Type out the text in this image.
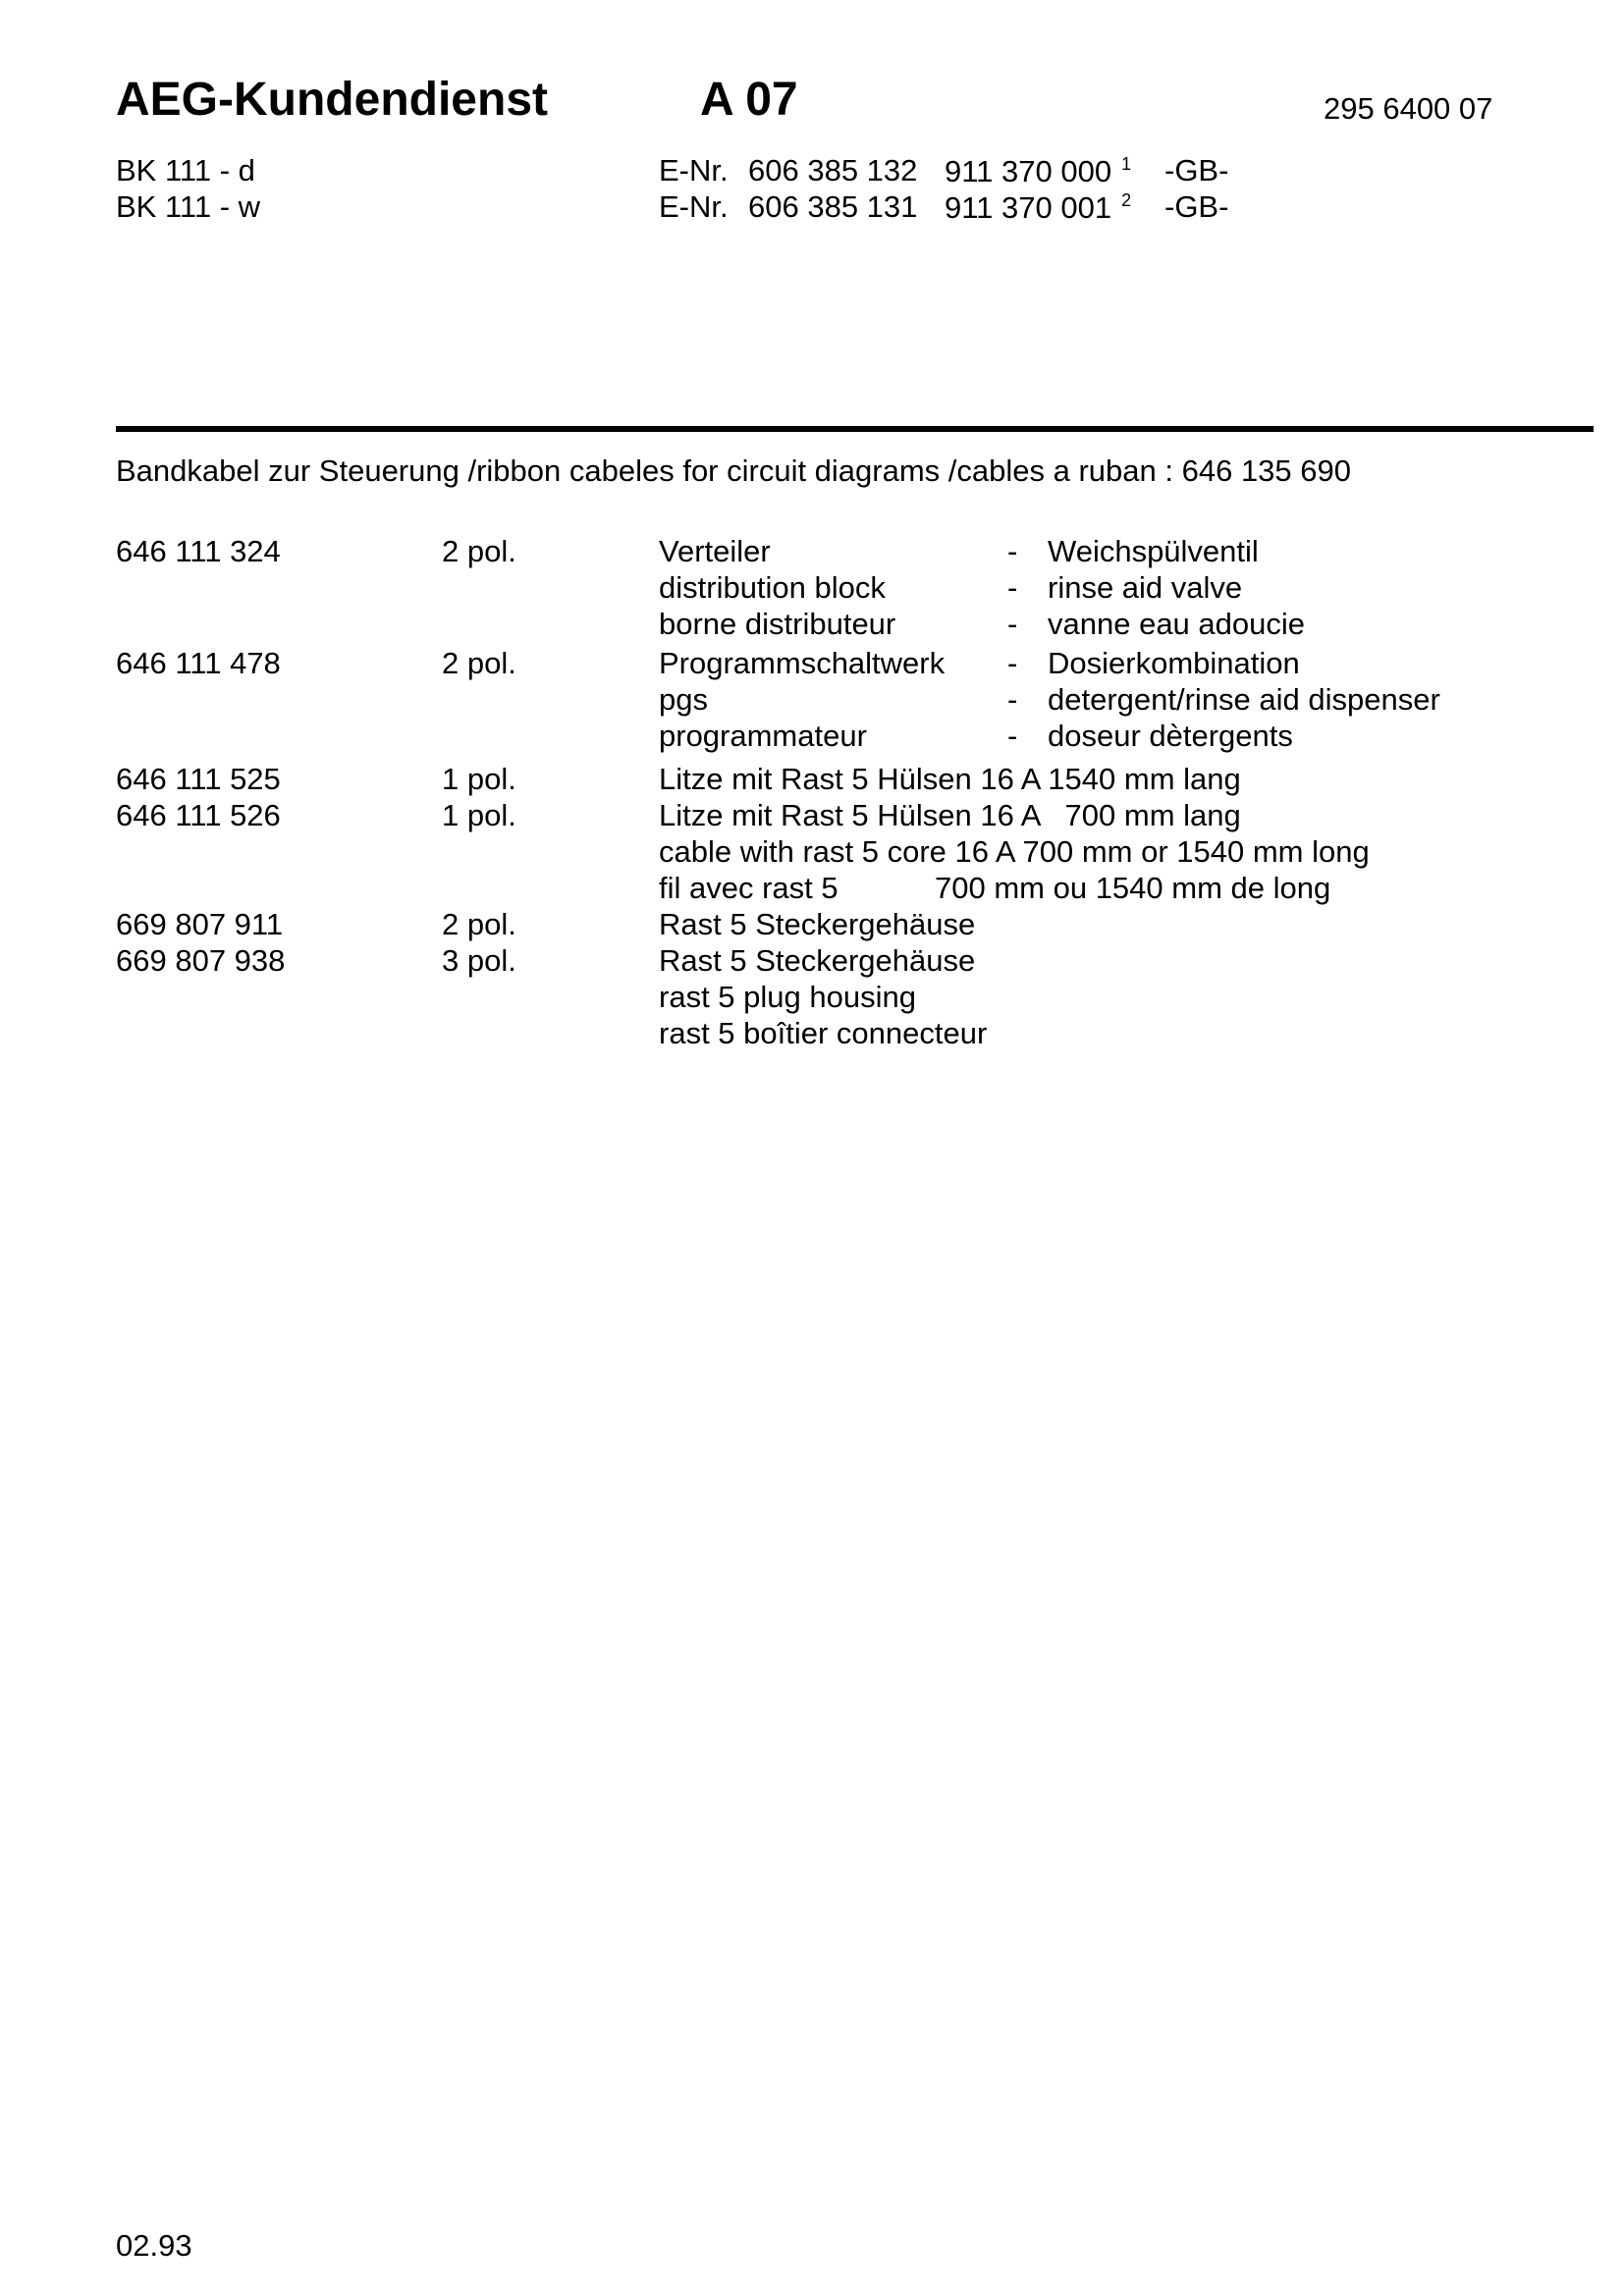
AEG-Kundendienst	A 07	295 6400 07
BK 111 - d	E-Nr. 606 385 132 911 370 000 $^1$ -GB-
BK 111 - w	E-Nr. 606 385 131 911 370 001 $^2$ -GB-
Bandkabel zur Steuerung /ribbon cabeles for circuit diagrams /cables a ruban : 646 135 690
646 111 324	2 pol.	Verteiler	- Weichspülventil
distribution block	- rinse aid valve
borne distributeur	- vanne eau adoucie
646 111 478	2 pol.	Programmschaltwerk - Dosierkombination
pgs	- detergent/rinse aid dispenser
programmateur	- doseur dètergents
646 111 525	1 pol.	Litze mit Rast 5 Hülsen 16 A 1540 mm lang
646 111 526	1 pol.	Litze mit Rast 5 Hülsen 16 A   700 mm lang
cable with rast 5 core 16 A 700 mm or 1540 mm long
fil avec rast 5	700 mm ou 1540 mm de long
669 807 911	2 pol.	Rast 5 Steckergehäuse
669 807 938	3 pol.	Rast 5 Steckergehäuse
rast 5 plug housing
rast 5 boîtier connecteur
02.93
